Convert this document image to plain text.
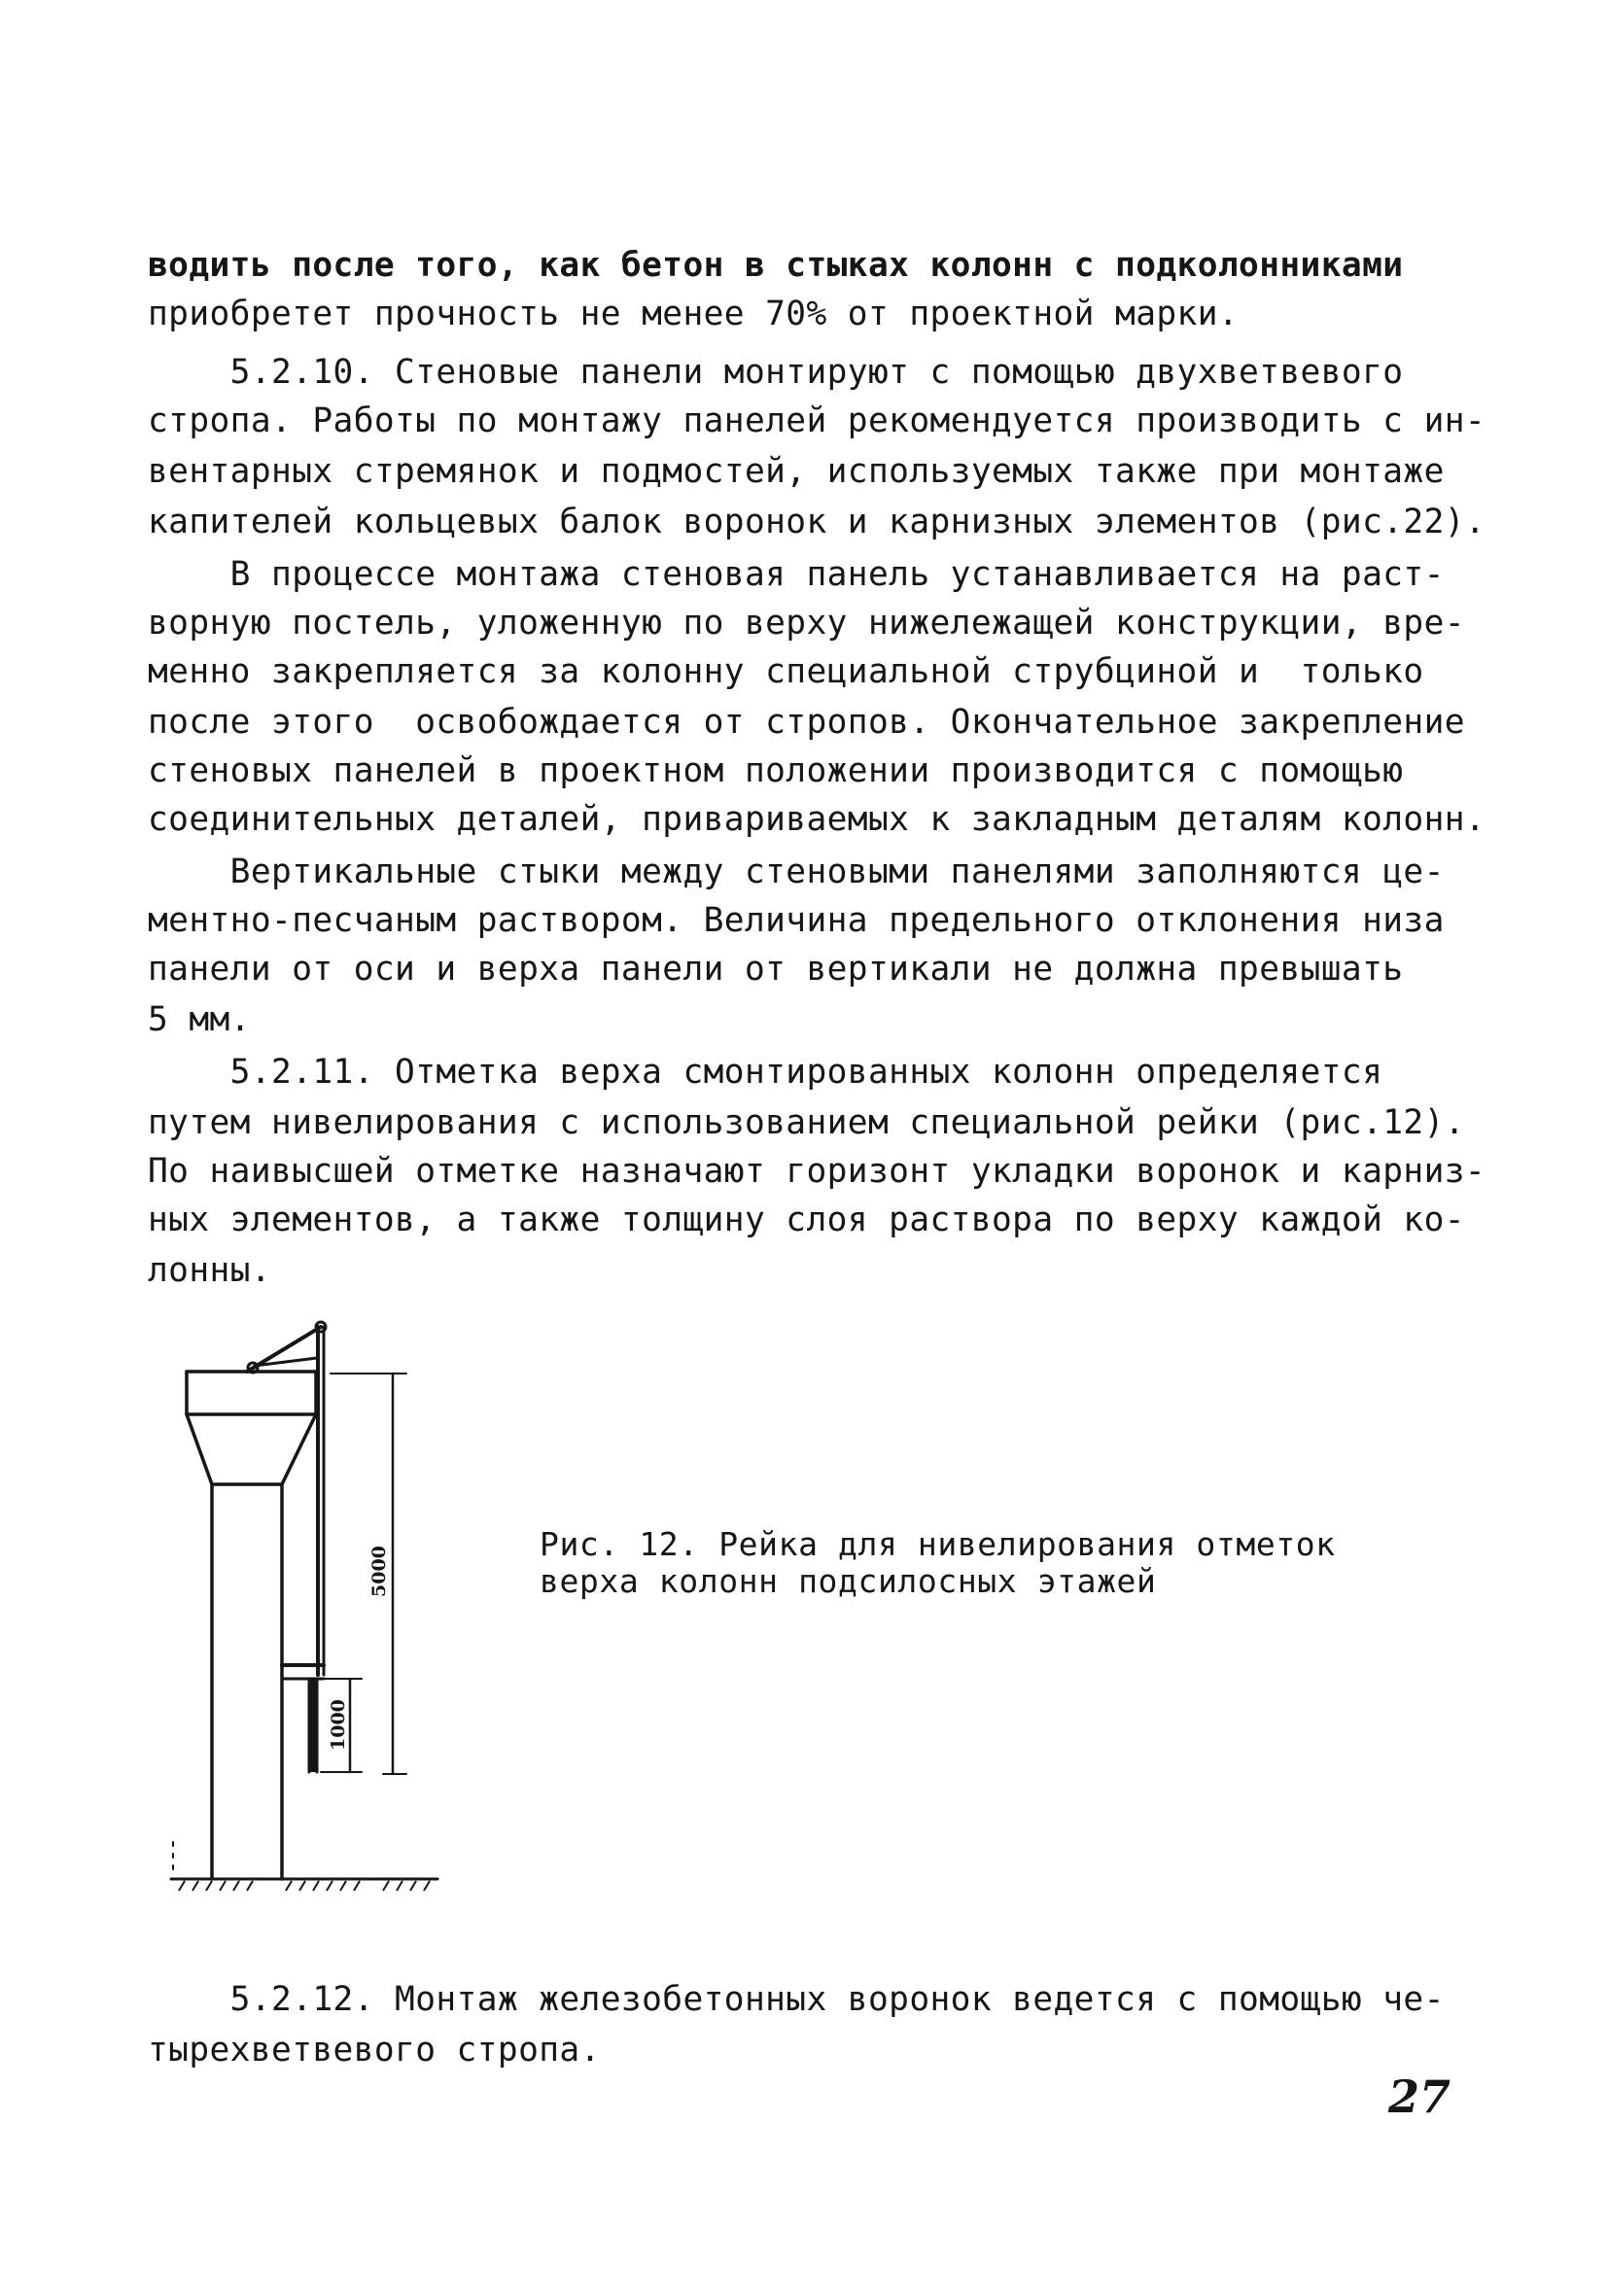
водить после того, как бетон в стыках колонн с подколонниками
приобретет прочность не менее 70% от проектной марки.
5.2.10. Стеновые панели монтируют с помощью двухветвевого
стропа. Работы по монтажу панелей рекомендуется производить с ин-
вентарных стремянок и подмостей, используемых также при монтаже
капителей кольцевых балок воронок и карнизных элементов (рис.22).
В процессе монтажа стеновая панель устанавливается на раст-
ворную постель, уложенную по верху нижележащей конструкции, вре-
менно закрепляется за колонну специальной струбциной и  только
после этого  освобождается от стропов. Окончательное закрепление
стеновых панелей в проектном положении производится с помощью
соединительных деталей, привариваемых к закладным деталям колонн.
Вертикальные стыки между стеновыми панелями заполняются це-
ментно-песчаным раствором. Величина предельного отклонения низа
панели от оси и верха панели от вертикали не должна превышать
5 мм.
5.2.11. Отметка верха смонтированных колонн определяется
путем нивелирования с использованием специальной рейки (рис.12).
По наивысшей отметке назначают горизонт укладки воронок и карниз-
ных элементов, а также толщину слоя раствора по верху каждой ко-
лонны.
5000
1000
Рис. 12. Рейка для нивелирования отметок
верха колонн подсилосных этажей
5.2.12. Монтаж железобетонных воронок ведется с помощью че-
тырехветвевого стропа.
27
